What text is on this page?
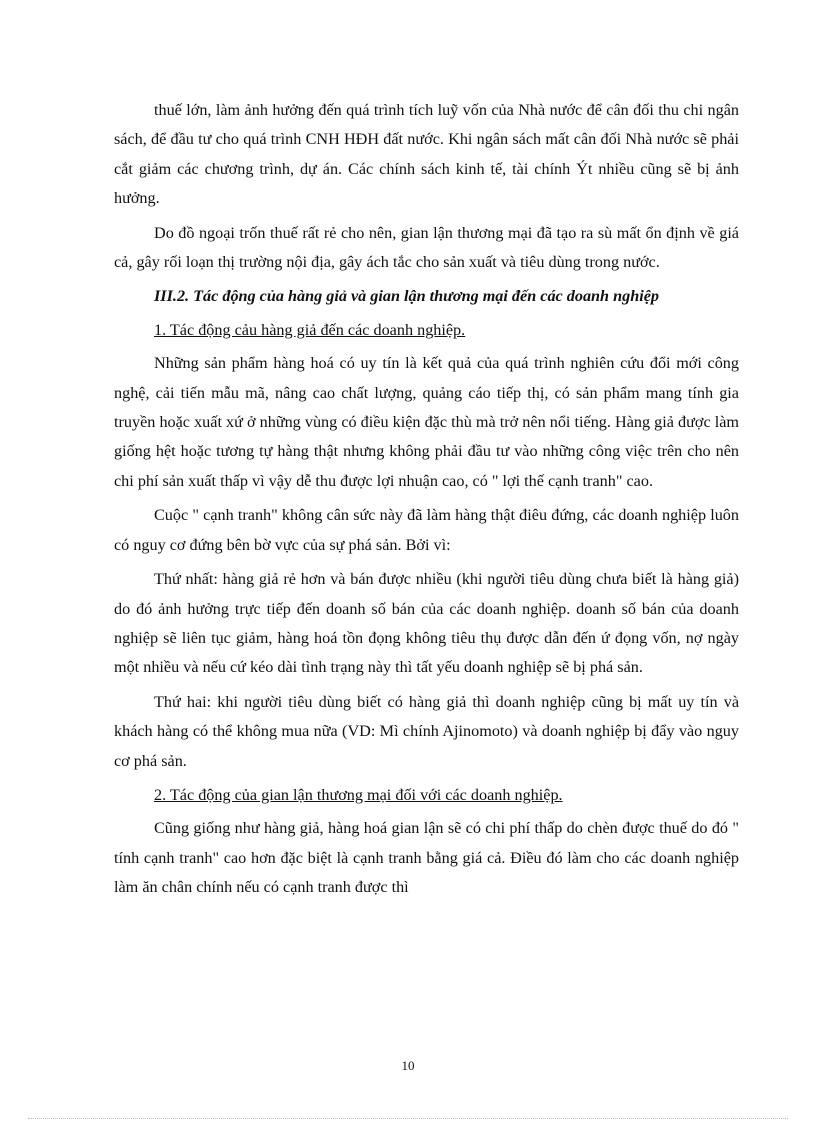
thuế lớn, làm ảnh hưởng đến quá trình tích luỹ vốn của Nhà nước để cân đối thu chi ngân sách, để đầu tư cho quá trình CNH HĐH đất nước. Khi ngân sách mất cân đối Nhà nước sẽ phải cắt giảm các chương trình, dự án. Các chính sách kinh tế, tài chính Ýt nhiều cũng sẽ bị ảnh hưởng.

Do đồ ngoại trốn thuế rất rẻ cho nên, gian lận thương mại đã tạo ra sù mất ổn định về giá cả, gây rối loạn thị trường nội địa, gây ách tắc cho sản xuất và tiêu dùng trong nước.

III.2. Tác động của hàng giả và gian lận thương mại đến các doanh nghiệp

1. Tác động cảu hàng giả đến các doanh nghiệp.

Những sản phẩm hàng hoá có uy tín là kết quả của quá trình nghiên cứu đổi mới công nghệ, cải tiến mẫu mã, nâng cao chất lượng, quảng cáo tiếp thị, có sản phẩm mang tính gia truyền hoặc xuất xứ ở những vùng có điều kiện đặc thù mà trở nên nổi tiếng. Hàng giả được làm giống hệt hoặc tương tự hàng thật nhưng không phải đầu tư vào những công việc trên cho nên chi phí sản xuất thấp vì vậy dễ thu được lợi nhuận cao, có " lợi thế cạnh tranh" cao.

Cuộc " cạnh tranh" không cân sức này đã làm hàng thật điêu đứng, các doanh nghiệp luôn có nguy cơ đứng bên bờ vực của sự phá sản. Bởi vì:

Thứ nhất: hàng giả rẻ hơn và bán được nhiều (khi người tiêu dùng chưa biết là hàng giả) do đó ảnh hưởng trực tiếp đến doanh số bán của các doanh nghiệp. doanh số bán của doanh nghiệp sẽ liên tục giảm, hàng hoá tồn đọng không tiêu thụ được dẫn đến ứ đọng vốn, nợ ngày một nhiều và nếu cứ kéo dài tình trạng này thì tất yếu doanh nghiệp sẽ bị phá sản.

Thứ hai: khi người tiêu dùng biết có hàng giả thì doanh nghiệp cũng bị mất uy tín và khách hàng có thể không mua nữa (VD: Mì chính Ajinomoto) và doanh nghiệp bị đẩy vào nguy cơ phá sản.

2. Tác động của gian lận thương mại đối với các doanh nghiệp.

Cũng giống như hàng giả, hàng hoá gian lận sẽ có chi phí thấp do chèn được thuế do đó " tính cạnh tranh" cao hơn đặc biệt là cạnh tranh bằng giá cả. Điều đó làm cho các doanh nghiệp làm ăn chân chính nếu có cạnh tranh được thì

10
